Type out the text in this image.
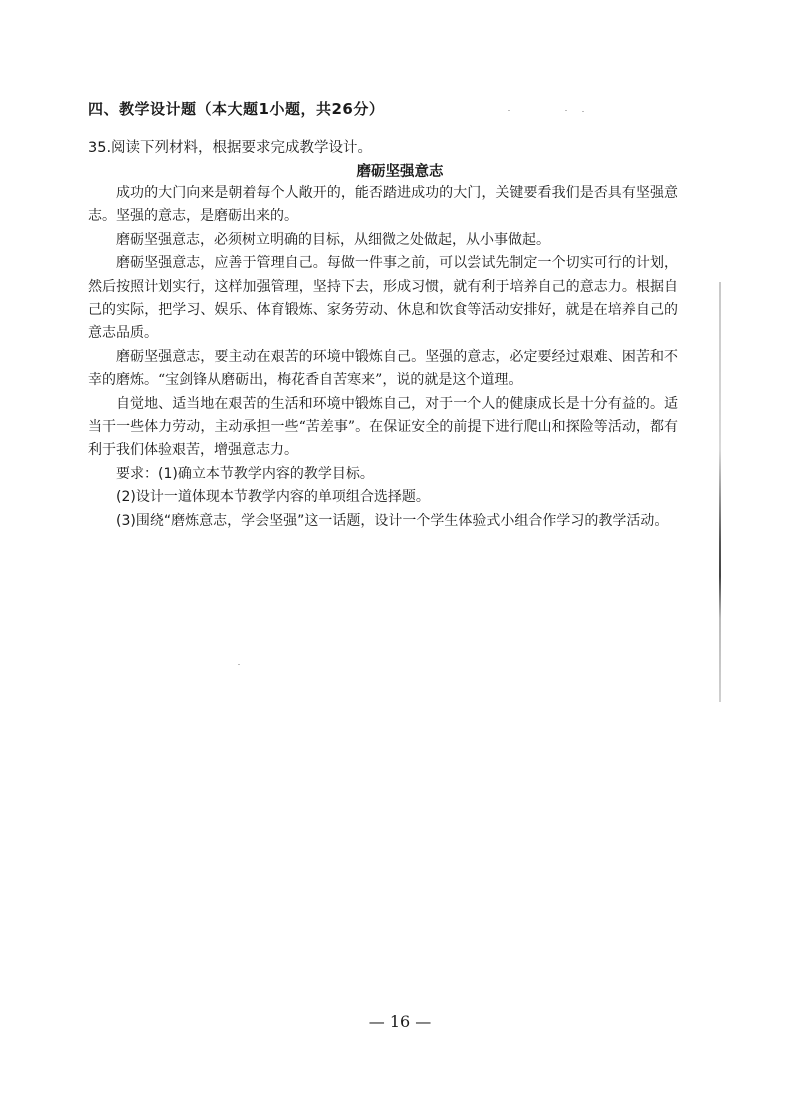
四、教学设计题（本大题1小题，共26分）
35.阅读下列材料，根据要求完成教学设计。
磨砺坚强意志

成功的大门向来是朝着每个人敞开的，能否踏进成功的大门，关键要看我们是否具有坚强意志。坚强的意志，是磨砺出来的。

磨砺坚强意志，必须树立明确的目标，从细微之处做起，从小事做起。

磨砺坚强意志，应善于管理自己。每做一件事之前，可以尝试先制定一个切实可行的计划，然后按照计划实行，这样加强管理，坚持下去，形成习惯，就有利于培养自己的意志力。根据自己的实际，把学习、娱乐、体育锻炼、家务劳动、休息和饮食等活动安排好，就是在培养自己的意志品质。

磨砺坚强意志，要主动在艰苦的环境中锻炼自己。坚强的意志，必定要经过艰难、困苦和不幸的磨炼。“宝剑锋从磨砺出，梅花香自苦寒来”，说的就是这个道理。

自觉地、适当地在艰苦的生活和环境中锻炼自己，对于一个人的健康成长是十分有益的。适当干一些体力劳动，主动承担一些“苦差事”。在保证安全的前提下进行爬山和探险等活动，都有利于我们体验艰苦，增强意志力。

要求：(1)确立本节教学内容的教学目标。

(2)设计一道体现本节教学内容的单项组合选择题。

(3)围绕“磨炼意志，学会坚强”这一话题，设计一个学生体验式小组合作学习的教学活动。

— 16 —
